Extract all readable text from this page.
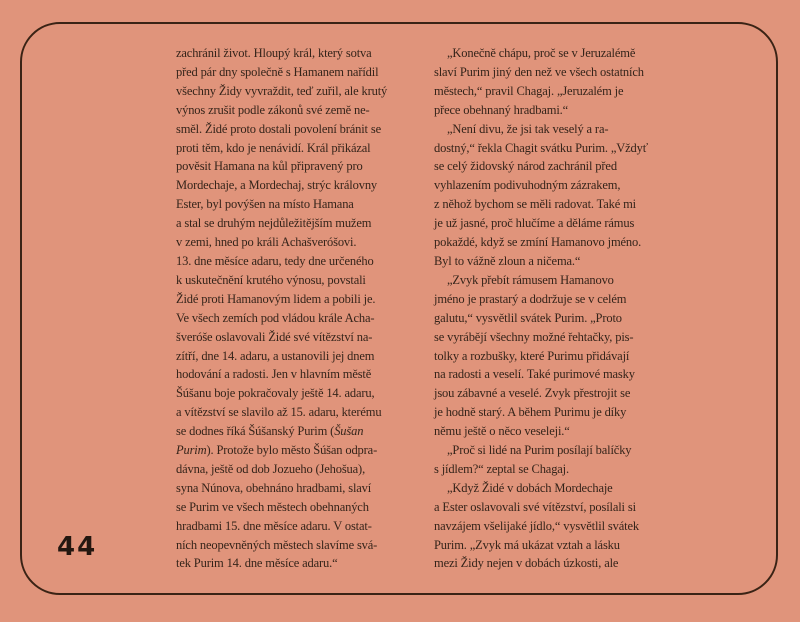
zachránil život. Hloupý král, který sotva
před pár dny společně s Hamanem nařídil
všechny Židy vyvraždit, teď zuřil, ale krutý
výnos zrušit podle zákonů své země ne-
směl. Židé proto dostali povolení bránit se
proti těm, kdo je nenávidí. Král přikázal
pověsit Hamana na kůl připravený pro
Mordechaje, a Mordechaj, strýc královny
Ester, byl povýšen na místo Hamana
a stal se druhým nejdůležitějším mužem
v zemi, hned po králi Achašveróšovi.
13. dne měsíce adaru, tedy dne určeného
k uskutečnění krutého výnosu, povstali
Židé proti Hamanovým lidem a pobili je.
Ve všech zemích pod vládou krále Acha-
šveróše oslavovali Židé své vítězství na-
zítří, dne 14. adaru, a ustanovili jej dnem
hodování a radosti. Jen v hlavním městě
Šúšanu boje pokračovaly ještě 14. adaru,
a vítězství se slavilo až 15. adaru, kterému
se dodnes říká Šúšanský Purim (Šušan
Purim). Protože bylo město Šúšan odpra-
dávna, ještě od dob Jozueho (Jehošua),
syna Núnova, obehnáno hradbami, slaví
se Purim ve všech městech obehnaných
hradbami 15. dne měsíce adaru. V ostat-
ních neopevněných městech slavíme svá-
tek Purim 14. dne měsíce adaru.“
„Konečně chápu, proč se v Jeruzalémě
slaví Purim jiný den než ve všech ostatních
městech,“ pravil Chagaj. „Jeruzalém je
přece obehnaný hradbami.“
„Není divu, že jsi tak veselý a ra-
dostný,“ řekla Chagit svátku Purim. „Vždyť
se celý židovský národ zachránil před
vyhlazením podivuhodným zázrakem,
z něhož bychom se měli radovat. Také mi
je už jasné, proč hlučíme a děláme rámus
pokaždé, když se zmíní Hamanovo jméno.
Byl to vážně zloun a ničema.“
„Zvyk přebít rámusem Hamanovo
jméno je prastarý a dodržuje se v celém
galutu,“ vysvětlil svátek Purim. „Proto
se vyrábějí všechny možné řehtačky, pis-
tolky a rozbušky, které Purimu přidávají
na radosti a veselí. Také purimové masky
jsou zábavné a veselé. Zvyk přestrojit se
je hodně starý. A během Purimu je díky
němu ještě o něco veseleji.“
„Proč si lidé na Purim posílají balíčky
s jídlem?“ zeptal se Chagaj.
„Když Židé v dobách Mordechaje
a Ester oslavovali své vítězství, posílali si
navzájem všelijaké jídlo,“ vysvětlil svátek
Purim. „Zvyk má ukázat vztah a lásku
mezi Židy nejen v dobách úzkosti, ale
44
